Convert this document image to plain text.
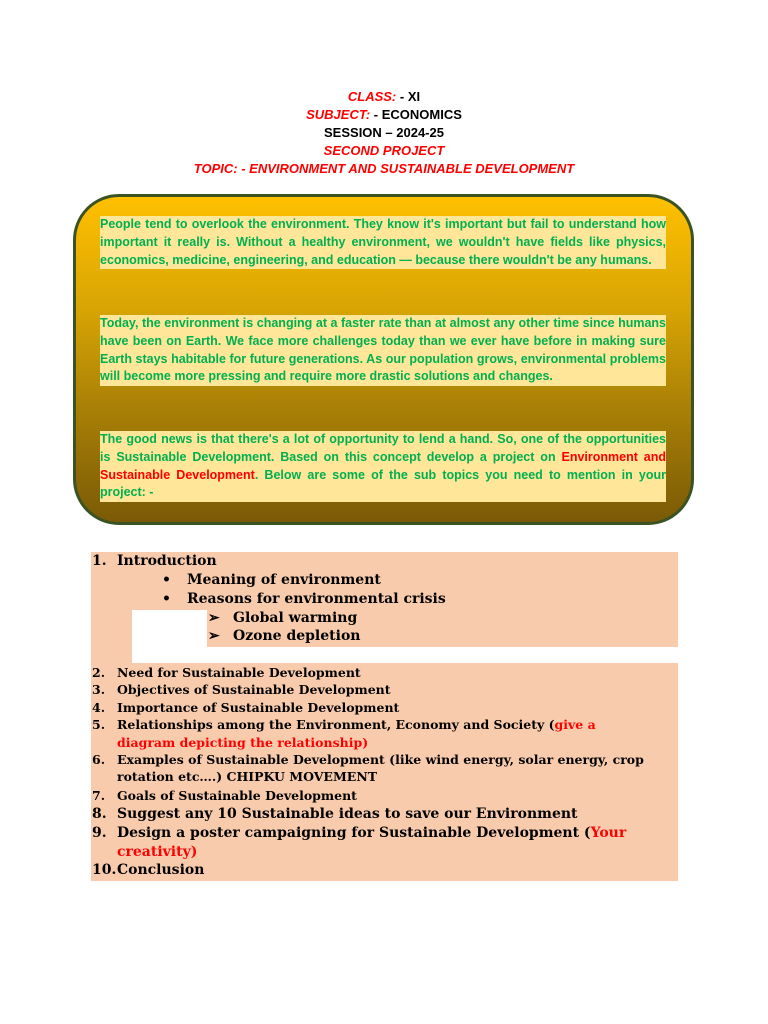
CLASS: - XI
SUBJECT: - ECONOMICS
SESSION – 2024-25
SECOND PROJECT
TOPIC: - ENVIRONMENT AND SUSTAINABLE DEVELOPMENT
People tend to overlook the environment. They know it's important but fail to understand how important it really is. Without a healthy environment, we wouldn't have fields like physics, economics, medicine, engineering, and education — because there wouldn't be any humans.
Today, the environment is changing at a faster rate than at almost any other time since humans have been on Earth. We face more challenges today than we ever have before in making sure Earth stays habitable for future generations. As our population grows, environmental problems will become more pressing and require more drastic solutions and changes.
The good news is that there's a lot of opportunity to lend a hand. So, one of the opportunities is Sustainable Development. Based on this concept develop a project on Environment and Sustainable Development. Below are some of the sub topics you need to mention in your project: -
1. Introduction
• Meaning of environment
• Reasons for environmental crisis
➢ Global warming
➢ Ozone depletion
2. Need for Sustainable Development
3. Objectives of Sustainable Development
4. Importance of Sustainable Development
5. Relationships among the Environment, Economy and Society (give a
diagram depicting the relationship)
6. Examples of Sustainable Development (like wind energy, solar energy, crop
rotation etc….) CHIPKU MOVEMENT
7. Goals of Sustainable Development
8. Suggest any 10 Sustainable ideas to save our Environment
9. Design a poster campaigning for Sustainable Development (Your
creativity)
10. Conclusion
